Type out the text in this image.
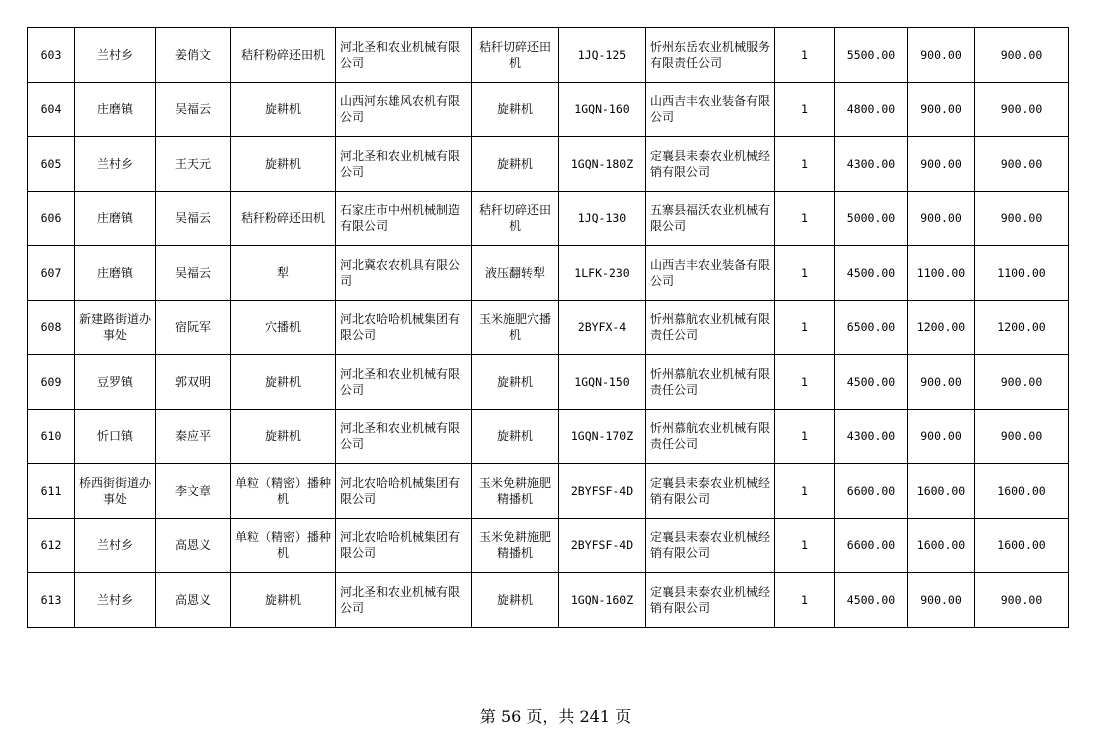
603	兰村乡	姜俏文	秸秆粉碎还田机	河北圣和农业机械有限公司	秸秆切碎还田机	1JQ-125	忻州东岳农业机械服务有限责任公司	1	5500.00	900.00	900.00
604	庄磨镇	吴福云	旋耕机	山西河东雄风农机有限公司	旋耕机	1GQN-160	山西吉丰农业装备有限公司	1	4800.00	900.00	900.00
605	兰村乡	王天元	旋耕机	河北圣和农业机械有限公司	旋耕机	1GQN-180Z	定襄县耒泰农业机械经销有限公司	1	4300.00	900.00	900.00
606	庄磨镇	吴福云	秸秆粉碎还田机	石家庄市中州机械制造有限公司	秸秆切碎还田机	1JQ-130	五寨县福沃农业机械有限公司	1	5000.00	900.00	900.00
607	庄磨镇	吴福云	犁	河北冀农农机具有限公司	液压翻转犁	1LFK-230	山西吉丰农业装备有限公司	1	4500.00	1100.00	1100.00
608	新建路街道办事处	宿阮军	穴播机	河北农哈哈机械集团有限公司	玉米施肥穴播机	2BYFX-4	忻州慕航农业机械有限责任公司	1	6500.00	1200.00	1200.00
609	豆罗镇	郭双明	旋耕机	河北圣和农业机械有限公司	旋耕机	1GQN-150	忻州慕航农业机械有限责任公司	1	4500.00	900.00	900.00
610	忻口镇	秦应平	旋耕机	河北圣和农业机械有限公司	旋耕机	1GQN-170Z	忻州慕航农业机械有限责任公司	1	4300.00	900.00	900.00
611	桥西街街道办事处	李文章	单粒（精密）播种机	河北农哈哈机械集团有限公司	玉米免耕施肥精播机	2BYFSF-4D	定襄县耒泰农业机械经销有限公司	1	6600.00	1600.00	1600.00
612	兰村乡	高恩义	单粒（精密）播种机	河北农哈哈机械集团有限公司	玉米免耕施肥精播机	2BYFSF-4D	定襄县耒泰农业机械经销有限公司	1	6600.00	1600.00	1600.00
613	兰村乡	高恩义	旋耕机	河北圣和农业机械有限公司	旋耕机	1GQN-160Z	定襄县耒泰农业机械经销有限公司	1	4500.00	900.00	900.00
第 56 页，共 241 页
